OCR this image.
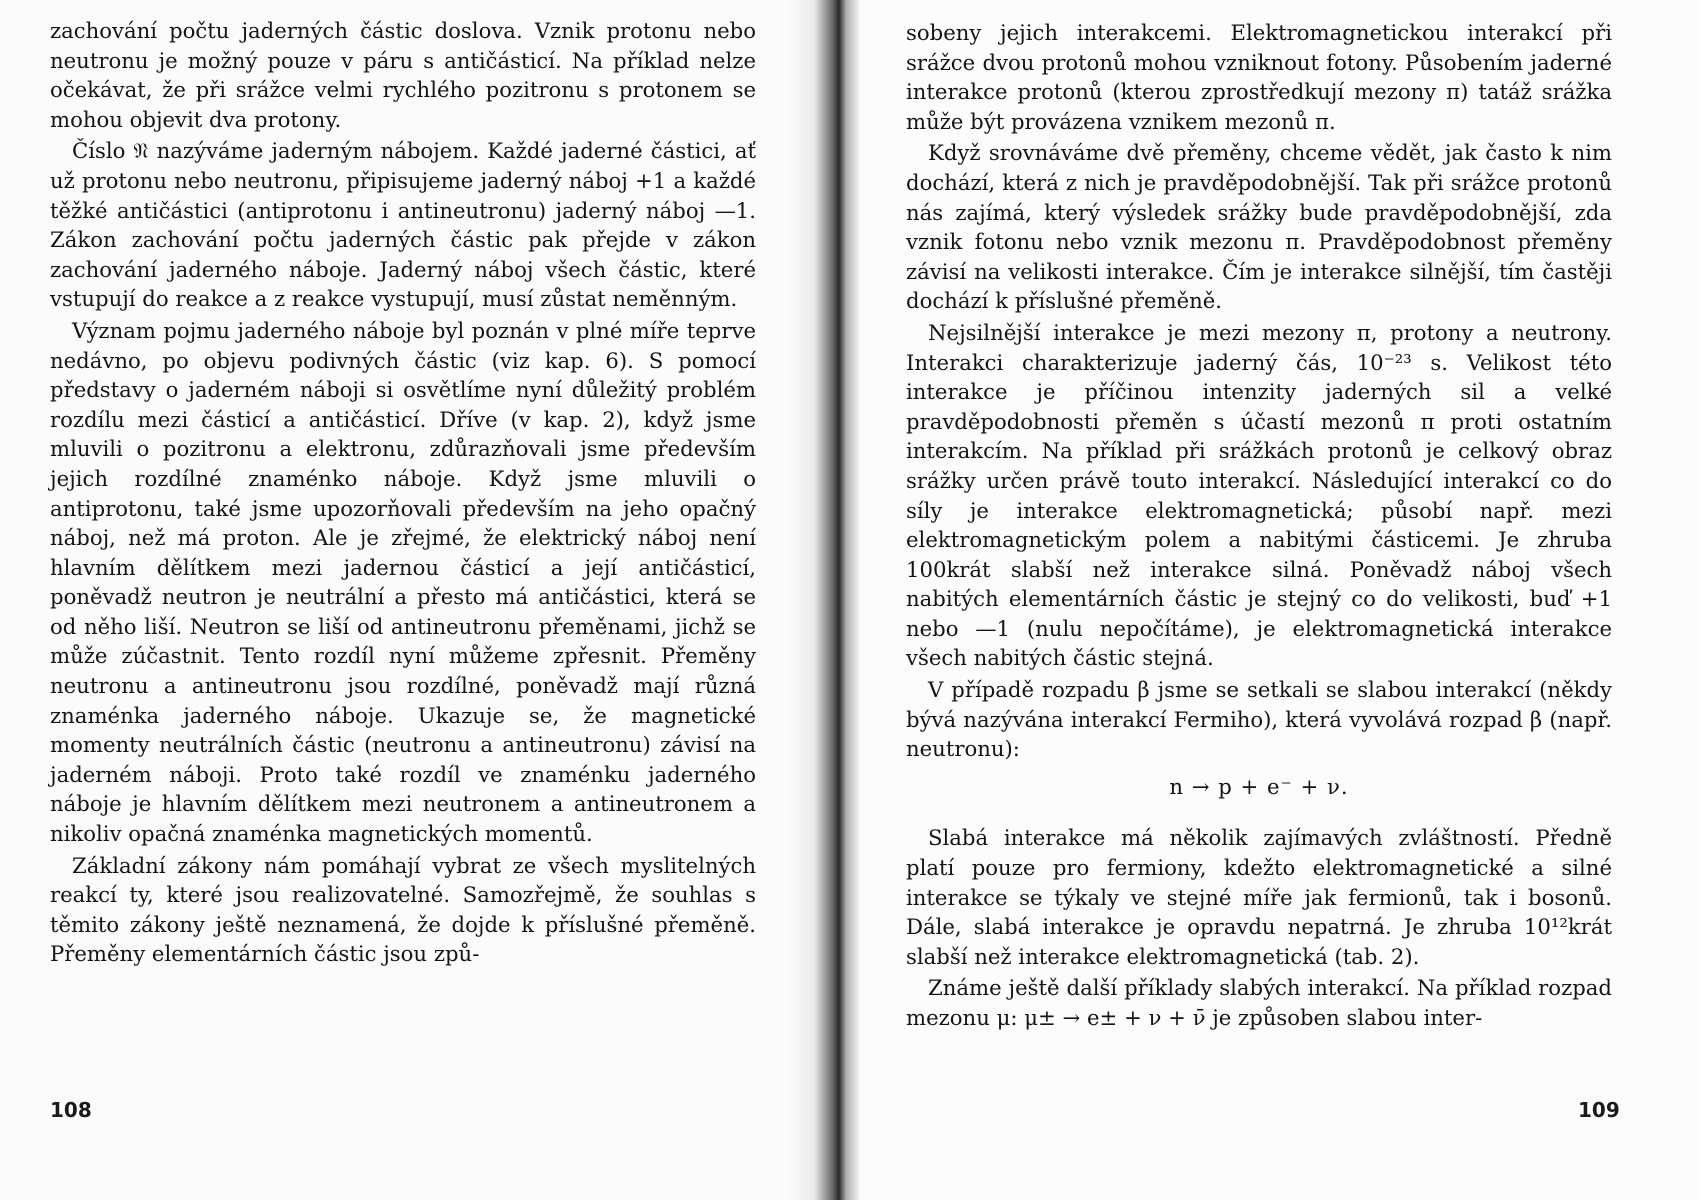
zachování počtu jaderných částic doslova. Vznik protonu nebo neutronu je možný pouze v páru s antičásticí. Na příklad nelze očekávat, že při srážce velmi rychlého pozitronu s protonem se mohou objevit dva protony.

Číslo 𝔑 nazýváme jaderným nábojem. Každé jaderné částici, ať už protonu nebo neutronu, připisujeme jaderný náboj +1 a každé těžké antičástici (antiprotonu i antineutronu) jaderný náboj —1. Zákon zachování počtu jaderných částic pak přejde v zákon zachování jaderného náboje. Jaderný náboj všech částic, které vstupují do reakce a z reakce vystupují, musí zůstat neměnným.

Význam pojmu jaderného náboje byl poznán v plné míře teprve nedávno, po objevu podivných částic (viz kap. 6). S pomocí představy o jaderném náboji si osvětlíme nyní důležitý problém rozdílu mezi částicí a antičásticí. Dříve (v kap. 2), když jsme mluvili o pozitronu a elektronu, zdůrazňovali jsme především jejich rozdílné znaménko náboje. Když jsme mluvili o antiprotonu, také jsme upozorňovali především na jeho opačný náboj, než má proton. Ale je zřejmé, že elektrický náboj není hlavním dělítkem mezi jadernou částicí a její antičásticí, poněvadž neutron je neutrální a přesto má antičástici, která se od něho liší. Neutron se liší od antineutronu přeměnami, jichž se může zúčastnit. Tento rozdíl nyní můžeme zpřesnit. Přeměny neutronu a antineutronu jsou rozdílné, poněvadž mají různá znaménka jaderného náboje. Ukazuje se, že magnetické momenty neutrálních částic (neutronu a antineutronu) závisí na jaderném náboji. Proto také rozdíl ve znaménku jaderného náboje je hlavním dělítkem mezi neutronem a antineutronem a nikoliv opačná znaménka magnetických momentů.

Základní zákony nám pomáhají vybrat ze všech myslitelných reakcí ty, které jsou realizovatelné. Samozřejmě, že souhlas s těmito zákony ještě neznamená, že dojde k příslušné přeměně. Přeměny elementárních částic jsou způ-

108

sobeny jejich interakcemi. Elektromagnetickou interakcí při srážce dvou protonů mohou vzniknout fotony. Působením jaderné interakce protonů (kterou zprostředkují mezony π) tatáž srážka může být provázena vznikem mezonů π.

Když srovnáváme dvě přeměny, chceme vědět, jak často k nim dochází, která z nich je pravděpodobnější. Tak při srážce protonů nás zajímá, který výsledek srážky bude pravděpodobnější, zda vznik fotonu nebo vznik mezonu π. Pravděpodobnost přeměny závisí na velikosti interakce. Čím je interakce silnější, tím častěji dochází k příslušné přeměně.

Nejsilnější interakce je mezi mezony π, protony a neutrony. Interakci charakterizuje jaderný čás, 10⁻²³ s. Velikost této interakce je příčinou intenzity jaderných sil a velké pravděpodobnosti přeměn s účastí mezonů π proti ostatním interakcím. Na příklad při srážkách protonů je celkový obraz srážky určen právě touto interakcí. Následující interakcí co do síly je interakce elektromagnetická; působí např. mezi elektromagnetickým polem a nabitými částicemi. Je zhruba 100krát slabší než interakce silná. Poněvadž náboj všech nabitých elementárních částic je stejný co do velikosti, buď +1 nebo —1 (nulu nepočítáme), je elektromagnetická interakce všech nabitých částic stejná.

V případě rozpadu β jsme se setkali se slabou interakcí (někdy bývá nazývána interakcí Fermiho), která vyvolává rozpad β (např. neutronu):

n → p + e⁻ + ν.

Slabá interakce má několik zajímavých zvláštností. Předně platí pouze pro fermiony, kdežto elektromagnetické a silné interakce se týkaly ve stejné míře jak fermionů, tak i bosonů. Dále, slabá interakce je opravdu nepatrná. Je zhruba 10¹²krát slabší než interakce elektromagnetická (tab. 2).

Známe ještě další příklady slabých interakcí. Na příklad rozpad mezonu μ: μ± → e± + ν + ν̄ je způsoben slabou inter-

109
